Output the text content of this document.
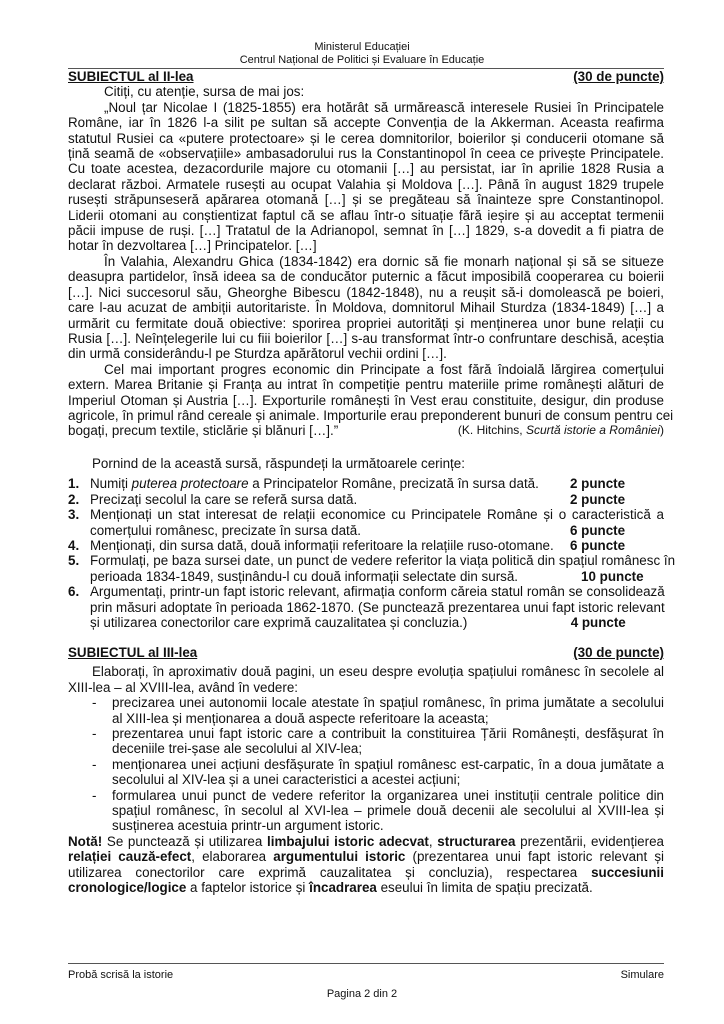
Ministerul Educației
Centrul Național de Politici și Evaluare în Educație
SUBIECTUL al II-lea	(30 de puncte)
Citiți, cu atenție, sursa de mai jos:
„Noul țar Nicolae I (1825-1855) era hotărât să urmărească interesele Rusiei în Principatele
Române, iar în 1826 l-a silit pe sultan să accepte Convenția de la Akkerman. Aceasta reafirma
statutul Rusiei ca «putere protectoare» și le cerea domnitorilor, boierilor și conducerii otomane să
țină seamă de «observațiile» ambasadorului rus la Constantinopol în ceea ce privește Principatele.
Cu toate acestea, dezacordurile majore cu otomanii […] au persistat, iar în aprilie 1828 Rusia a
declarat război. Armatele rusești au ocupat Valahia și Moldova […]. Până în august 1829 trupele
rusești străpunseseră apărarea otomană […] și se pregăteau să înainteze spre Constantinopol.
Liderii otomani au conștientizat faptul că se aflau într-o situație fără ieșire și au acceptat termenii
păcii impuse de ruși. […] Tratatul de la Adrianopol, semnat în […] 1829, s-a dovedit a fi piatra de
hotar în dezvoltarea […] Principatelor. […]
În Valahia, Alexandru Ghica (1834-1842) era dornic să fie monarh național și să se situeze
deasupra partidelor, însă ideea sa de conducător puternic a făcut imposibilă cooperarea cu boierii
[…]. Nici succesorul său, Gheorghe Bibescu (1842-1848), nu a reușit să-i domolească pe boieri,
care l-au acuzat de ambiții autoritariste. În Moldova, domnitorul Mihail Sturdza (1834-1849) […] a
urmărit cu fermitate două obiective: sporirea propriei autorități și menținerea unor bune relații cu
Rusia […]. Neînțelegerile lui cu fiii boierilor […] s-au transformat într-o confruntare deschisă, aceștia
din urmă considerându-l pe Sturdza apărătorul vechii ordini […].
Cel mai important progres economic din Principate a fost fără îndoială lărgirea comerțului
extern. Marea Britanie și Franța au intrat în competiție pentru materiile prime românești alături de
Imperiul Otoman și Austria […]. Exporturile românești în Vest erau constituite, desigur, din produse
agricole, în primul rând cereale și animale. Importurile erau preponderent bunuri de consum pentru cei
bogați, precum textile, sticlărie și blănuri […].”	(K. Hitchins, Scurtă istorie a României)
Pornind de la această sursă, răspundeți la următoarele cerințe:
1. Numiți puterea protectoare a Principatelor Române, precizată în sursa dată. 2 puncte
2. Precizați secolul la care se referă sursa dată.	2 puncte
3. Menționați un stat interesat de relații economice cu Principatele Române și o caracteristică a
comerțului românesc, precizate în sursa dată.	6 puncte
4. Menționați, din sursa dată, două informații referitoare la relațiile ruso-otomane. 6 puncte
5. Formulați, pe baza sursei date, un punct de vedere referitor la viața politică din spațiul românesc în
perioada 1834-1849, susținându-l cu două informații selectate din sursă.	10 puncte
6. Argumentați, printr-un fapt istoric relevant, afirmația conform căreia statul român se consolidează
prin măsuri adoptate în perioada 1862-1870. (Se punctează prezentarea unui fapt istoric relevant
și utilizarea conectorilor care exprimă cauzalitatea și concluzia.)	4 puncte
SUBIECTUL al III-lea	(30 de puncte)
Elaborați, în aproximativ două pagini, un eseu despre evoluția spațiului românesc în secolele al
XIII-lea – al XVIII-lea, având în vedere:
-	precizarea unei autonomii locale atestate în spațiul românesc, în prima jumătate a secolului
al XIII-lea și menționarea a două aspecte referitoare la aceasta;
-	prezentarea unui fapt istoric care a contribuit la constituirea Țării Românești, desfășurat în
deceniile trei-șase ale secolului al XIV-lea;
-	menționarea unei acțiuni desfășurate în spațiul românesc est-carpatic, în a doua jumătate a
secolului al XIV-lea și a unei caracteristici a acestei acțiuni;
-	formularea unui punct de vedere referitor la organizarea unei instituții centrale politice din
spațiul românesc, în secolul al XVI-lea – primele două decenii ale secolului al XVIII-lea și
susținerea acestuia printr-un argument istoric.
Notă! Se punctează și utilizarea limbajului istoric adecvat, structurarea prezentării, evidențierea
relației cauză-efect, elaborarea argumentului istoric (prezentarea unui fapt istoric relevant și
utilizarea conectorilor care exprimă cauzalitatea și concluzia), respectarea succesiunii
cronologice/logice a faptelor istorice și încadrarea eseului în limita de spațiu precizată.
Probă scrisă la istorie	Simulare
Pagina 2 din 2
